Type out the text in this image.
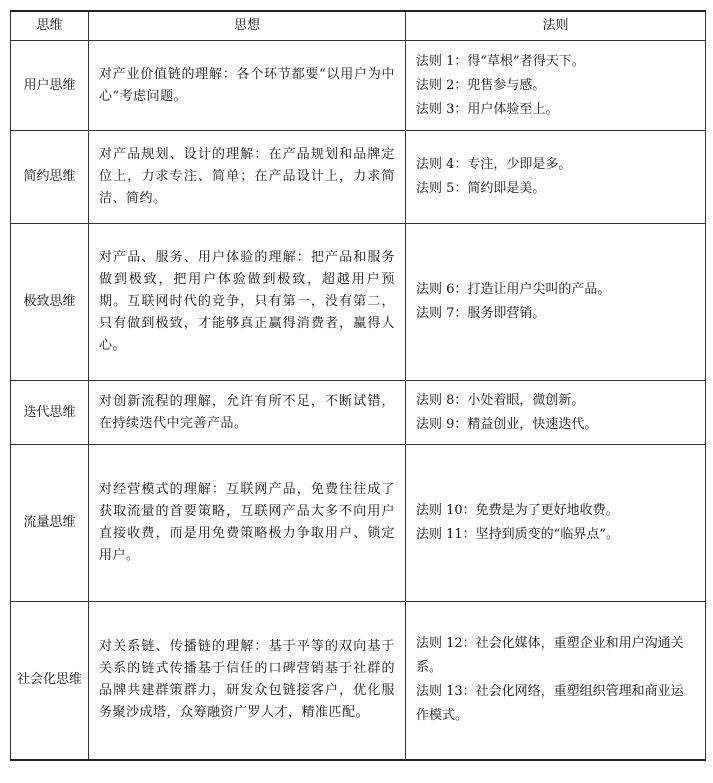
思维	思想	法则
用户思维	对产业价值链的理解：各个环节都要“以用户为中心”考虑问题。	法则 1：得“草根”者得天下。
法则 2：兜售参与感。
法则 3：用户体验至上。

简约思维	对产品规划、设计的理解：在产品规划和品牌定位上，力求专注、简单；在产品设计上，力求简洁、简约。	法则 4：专注，少即是多。
法则 5：简约即是美。

极致思维	对产品、服务、用户体验的理解：把产品和服务做到极致，把用户体验做到极致，超越用户预期。互联网时代的竞争，只有第一，没有第二，只有做到极致，才能够真正赢得消费者，赢得人心。	法则 6：打造让用户尖叫的产品。
法则 7：服务即营销。

迭代思维	对创新流程的理解，允许有所不足，不断试错，在持续迭代中完善产品。	法则 8：小处着眼，微创新。
法则 9：精益创业，快速迭代。

流量思维	对经营模式的理解：互联网产品，免费往往成了获取流量的首要策略，互联网产品大多不向用户直接收费，而是用免费策略极力争取用户、锁定用户。	法则 10：免费是为了更好地收费。
法则 11：坚持到质变的“临界点”。

社会化思维	对关系链、传播链的理解：基于平等的双向基于关系的链式传播基于信任的口碑营销基于社群的品牌共建群策群力，研发众包链接客户，优化服务聚沙成塔，众筹融资广罗人才，精准匹配。	法则 12：社会化媒体，重塑企业和用户沟通关系。
法则 13：社会化网络，重塑组织管理和商业运作模式。
